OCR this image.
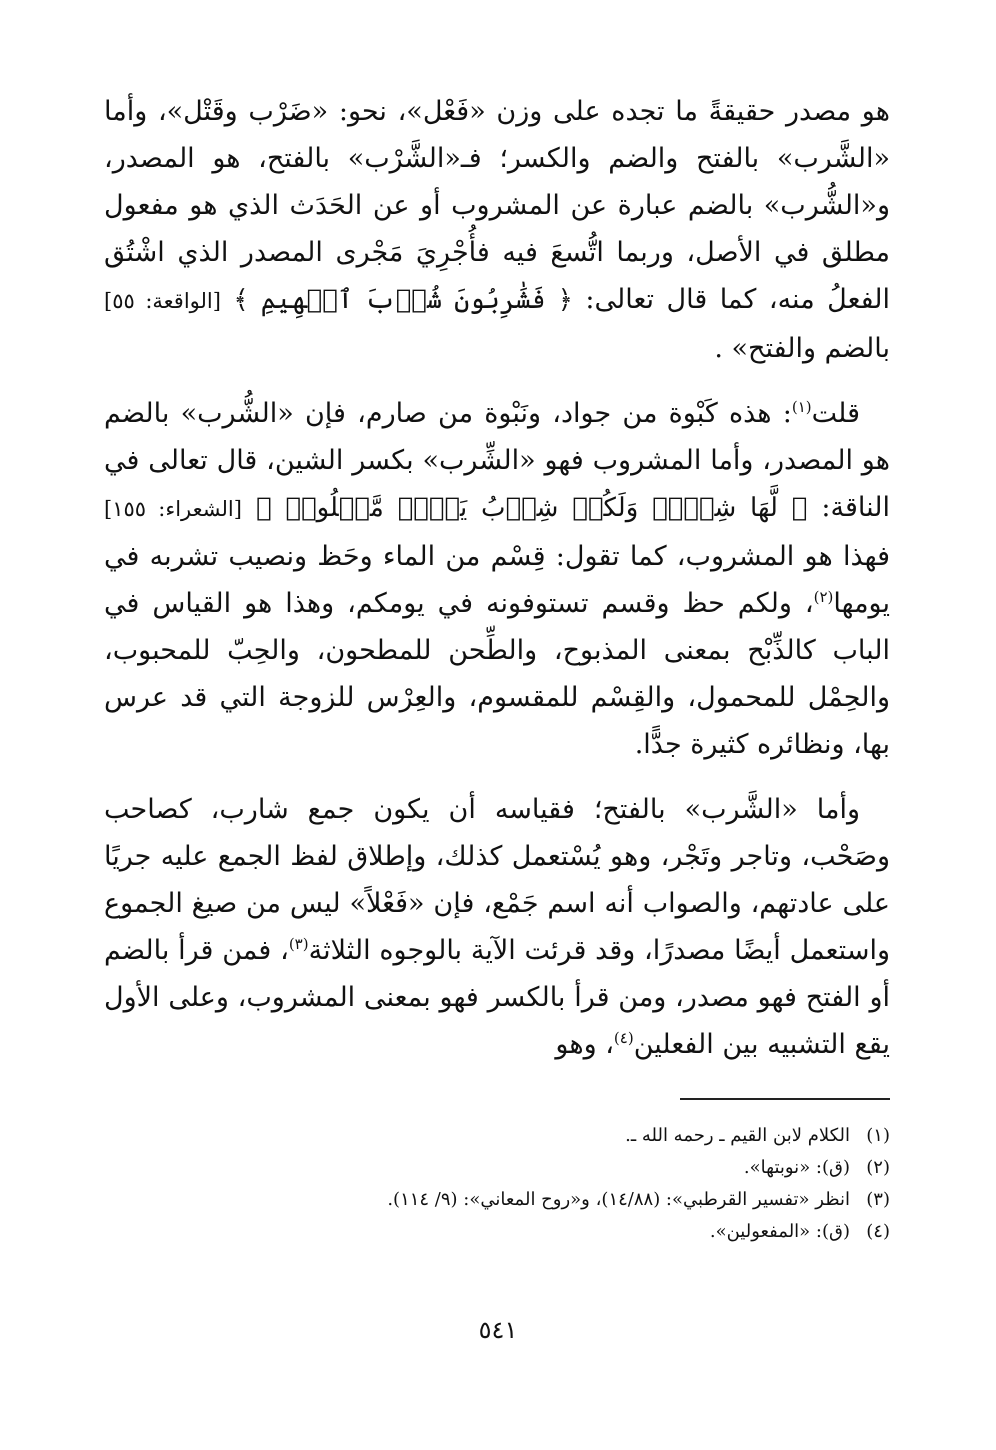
هو مصدر حقيقةً ما تجده على وزن «فَعْل»، نحو: «ضَرْب وقَتْل»، وأما «الشَّرب» بالفتح والضم والكسر؛ فـ«الشَّرْب» بالفتح، هو المصدر، و«الشُّرب» بالضم عبارة عن المشروب أو عن الحَدَث الذي هو مفعول مطلق في الأصل، وربما اتُّسعَ فيه فأُجْرِيَ مَجْرى المصدر الذي اشْتُق الفعلُ منه، كما قال تعالى: ﴿ فَشَٰرِبُونَ شُرۡبَ ٱلۡهِيمِ ﴾ [الواقعة: ٥٥] بالضم والفتح» .

قلت$^{(١)}$: هذه كَبْوة من جواد، ونَبْوة من صارم، فإن «الشُّرب» بالضم هو المصدر، وأما المشروب فهو «الشِّرب» بكسر الشين، قال تعالى في الناقة: ﴿ لَّهَا شِرۡبٞ وَلَكُمۡ شِرۡبُ يَوۡمٖ مَّعۡلُومٖ ﴾ [الشعراء: ١٥٥] فهذا هو المشروب، كما تقول: قِسْم من الماء وحَظ ونصيب تشربه في يومها$^{(٢)}$، ولكم حظ وقسم تستوفونه في يومكم، وهذا هو القياس في الباب كالذِّبْح بمعنى المذبوح، والطِّحن للمطحون، والحِبّ للمحبوب، والحِمْل للمحمول، والقِسْم للمقسوم، والعِرْس للزوجة التي قد عرس بها، ونظائره كثيرة جدًّا.

وأما «الشَّرب» بالفتح؛ فقياسه أن يكون جمع شارب، كصاحب وصَحْب، وتاجر وتَجْر، وهو يُسْتعمل كذلك، وإطلاق لفظ الجمع عليه جريًا على عادتهم، والصواب أنه اسم جَمْع، فإن «فَعْلاً» ليس من صيغ الجموع واستعمل أيضًا مصدرًا، وقد قرئت الآية بالوجوه الثلاثة$^{(٣)}$، فمن قرأ بالضم أو الفتح فهو مصدر، ومن قرأ بالكسر فهو بمعنى المشروب، وعلى الأول يقع التشبيه بين الفعلين$^{(٤)}$، وهو

(١)الكلام لابن القيم ـ رحمه الله ـ.

(٢)(ق): «نوبتها».

(٣)انظر «تفسير القرطبي»: (١٤/٨٨)، و«روح المعاني»: (٩/ ١١٤).

(٤)(ق): «المفعولين».

٥٤١
